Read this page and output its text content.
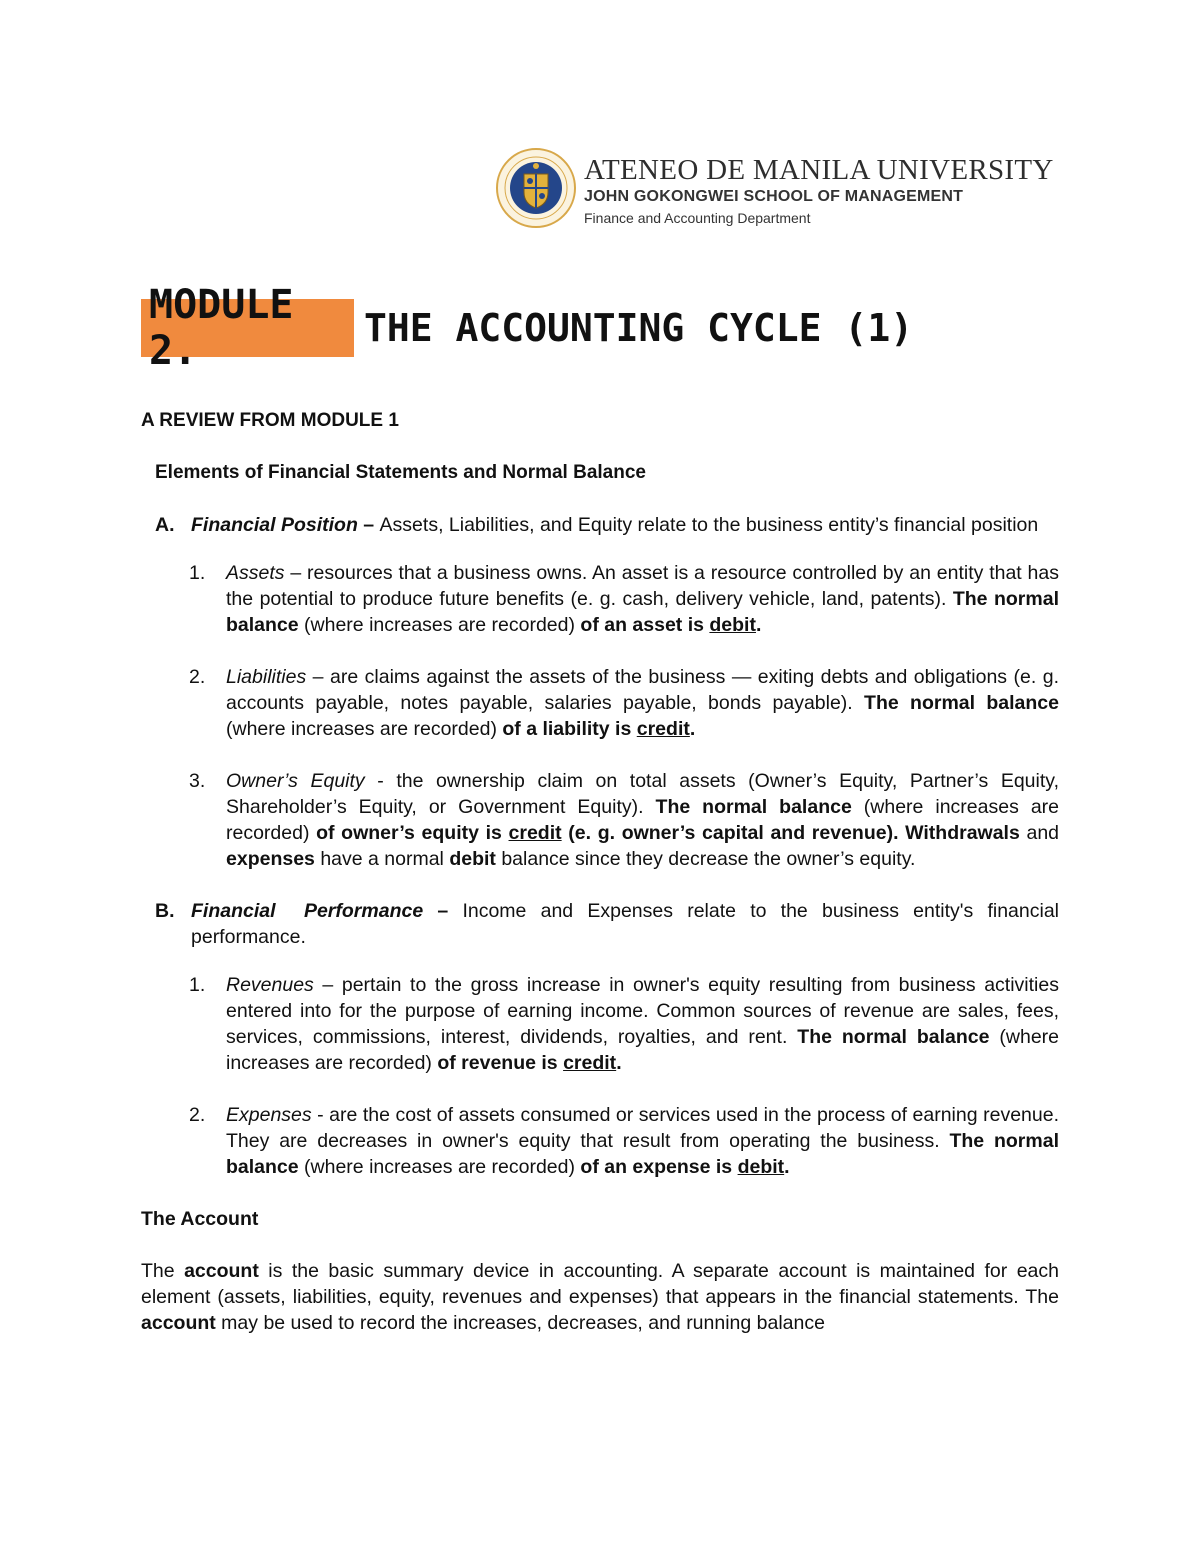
ATENEO DE MANILA UNIVERSITY
JOHN GOKONGWEI SCHOOL OF MANAGEMENT
Finance and Accounting Department
MODULE 2.	THE ACCOUNTING CYCLE (1)
A REVIEW FROM MODULE 1
Elements of Financial Statements and Normal Balance
A. Financial Position – Assets, Liabilities, and Equity relate to the business entity’s financial position
1.	Assets – resources that a business owns. An asset is a resource controlled by an entity that has the potential to produce future benefits (e. g. cash, delivery vehicle, land, patents). The normal balance (where increases are recorded) of an asset is debit.
2.	Liabilities – are claims against the assets of the business — exiting debts and obligations (e. g. accounts payable, notes payable, salaries payable, bonds payable). The normal balance (where increases are recorded) of a liability is credit.
3.	Owner’s Equity - the ownership claim on total assets (Owner’s Equity, Partner’s Equity, Shareholder’s Equity, or Government Equity). The normal balance (where increases are recorded) of owner’s equity is credit (e. g. owner’s capital and revenue). Withdrawals and expenses have a normal debit balance since they decrease the owner’s equity.
B. Financial  Performance – Income and Expenses relate to the business entity's financial performance.
1.	Revenues – pertain to the gross increase in owner's equity resulting from business activities entered into for the purpose of earning income. Common sources of revenue are sales, fees, services, commissions, interest, dividends, royalties, and rent. The normal balance (where increases are recorded) of revenue is credit.
2.	Expenses - are the cost of assets consumed or services used in the process of earning revenue. They are decreases in owner's equity that result from operating the business. The normal balance (where increases are recorded) of an expense is debit.
The Account
The account is the basic summary device in accounting. A separate account is maintained for each element (assets, liabilities, equity, revenues and expenses) that appears in the financial statements. The account may be used to record the increases, decreases, and running balance
